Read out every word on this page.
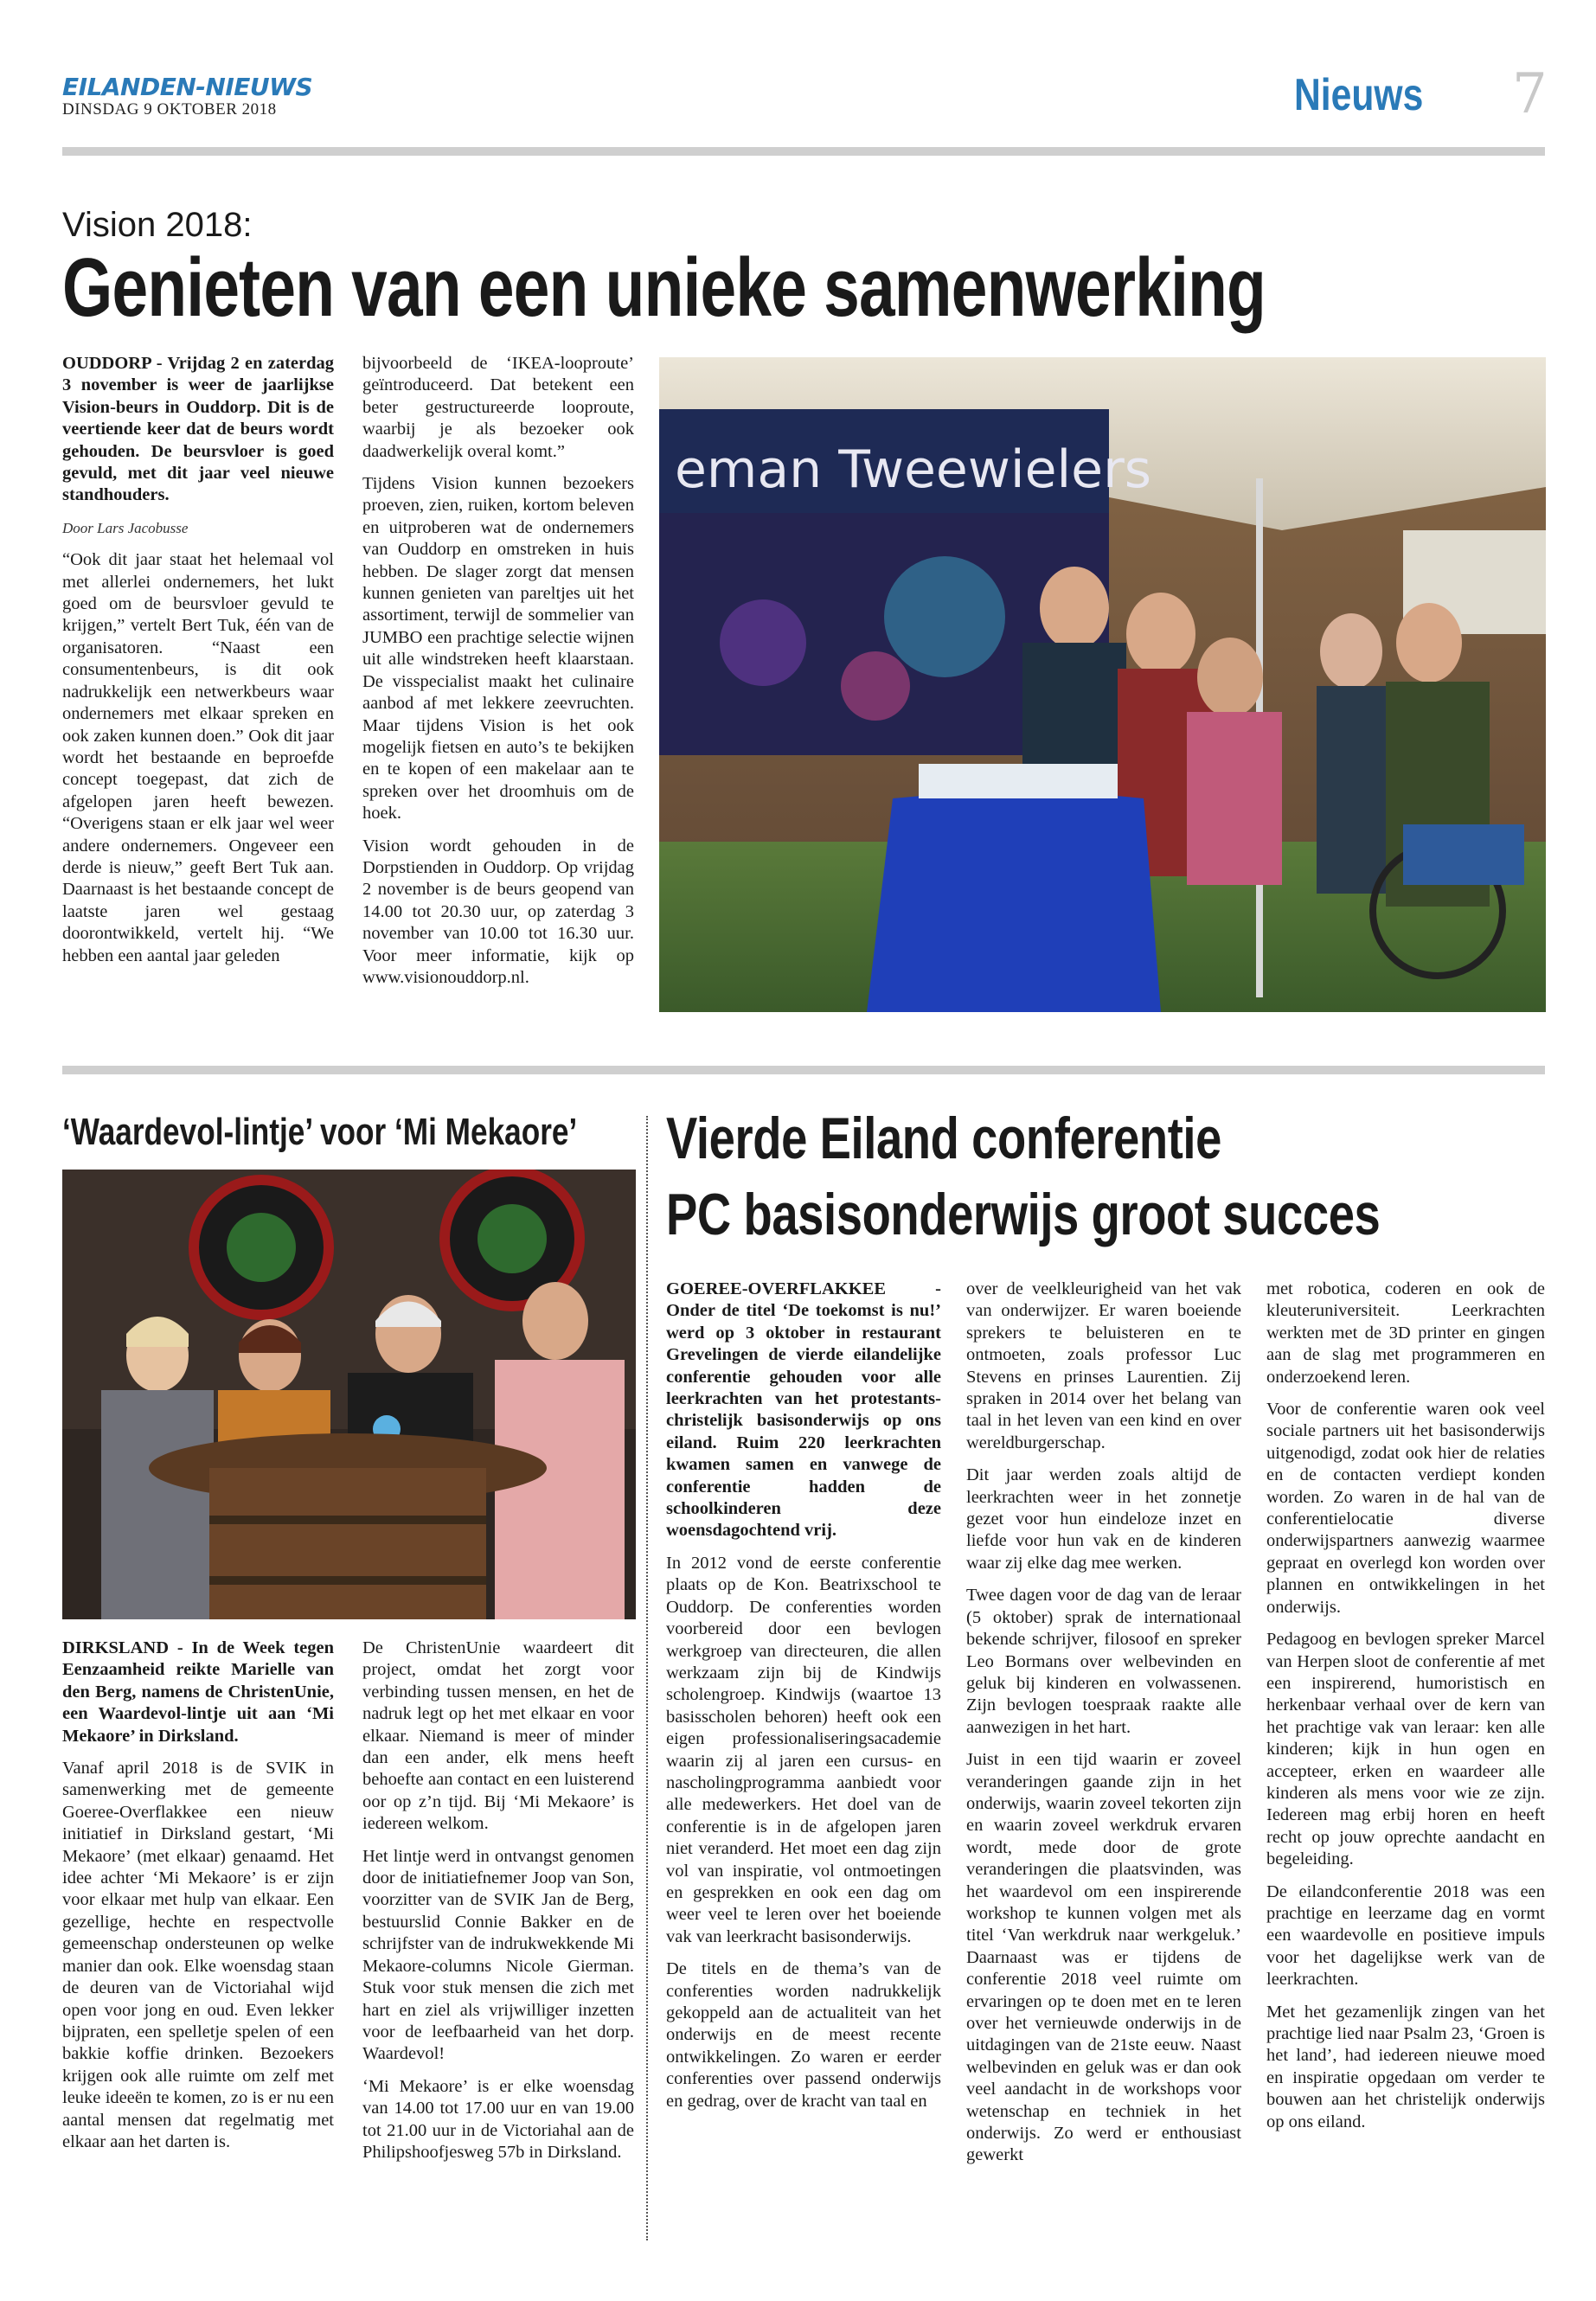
EILANDEN-NIEUWS
DINSDAG 9 OKTOBER 2018	Nieuws 7
Vision 2018:
Genieten van een unieke samenwerking

OUDDORP - Vrijdag 2 en zaterdag 3 november is weer de jaarlijkse Vision-beurs in Ouddorp. Dit is de veertiende keer dat de beurs wordt gehouden. De beursvloer is goed gevuld, met dit jaar veel nieuwe standhouders.

Door Lars Jacobusse

“Ook dit jaar staat het helemaal vol met allerlei ondernemers, het lukt goed om de beursvloer gevuld te krijgen,” vertelt Bert Tuk, één van de organisatoren. “Naast een consumentenbeurs, is dit ook nadrukkelijk een netwerkbeurs waar ondernemers met elkaar spreken en ook zaken kunnen doen.” Ook dit jaar wordt het bestaande en beproefde concept toegepast, dat zich de afgelopen jaren heeft bewezen. “Overigens staan er elk jaar wel weer andere ondernemers. Ongeveer een derde is nieuw,” geeft Bert Tuk aan. Daarnaast is het bestaande concept de laatste jaren wel gestaag doorontwikkeld, vertelt hij. “We hebben een aantal jaar geleden

bijvoorbeeld de ‘IKEA-looproute’ geïntroduceerd. Dat betekent een beter gestructureerde looproute, waarbij je als bezoeker ook daadwerkelijk overal komt.”

Tijdens Vision kunnen bezoekers proeven, zien, ruiken, kortom beleven en uitproberen wat de ondernemers van Ouddorp en omstreken in huis hebben. De slager zorgt dat mensen kunnen genieten van pareltjes uit het assortiment, terwijl de sommelier van JUMBO een prachtige selectie wijnen uit alle windstreken heeft klaarstaan. De visspecialist maakt het culinaire aanbod af met lekkere zeevruchten. Maar tijdens Vision is het ook mogelijk fietsen en auto’s te bekijken en te kopen of een makelaar aan te spreken over het droomhuis om de hoek.

Vision wordt gehouden in de Dorpstienden in Ouddorp. Op vrijdag 2 november is de beurs geopend van 14.00 tot 20.30 uur, op zaterdag 3 november van 10.00 tot 16.30 uur. Voor meer informatie, kijk op www.visionouddorp.nl.

eman Tweewielers
‘Waardevol-lintje’ voor ‘Mi Mekaore’

DIRKSLAND - In de Week tegen Eenzaamheid reikte Marielle van den Berg, namens de ChristenUnie, een Waardevol-lintje uit aan ‘Mi Mekaore’ in Dirksland.

Vanaf april 2018 is de SVIK in samenwerking met de gemeente Goeree-Overflakkee een nieuw initiatief in Dirksland gestart, ‘Mi Mekaore’ (met elkaar) genaamd. Het idee achter ‘Mi Mekaore’ is er zijn voor elkaar met hulp van elkaar. Een gezellige, hechte en respectvolle gemeenschap ondersteunen op welke manier dan ook. Elke woensdag staan de deuren van de Victoriahal wijd open voor jong en oud. Even lekker bijpraten, een spelletje spelen of een bakkie koffie drinken. Bezoekers krijgen ook alle ruimte om zelf met leuke ideeën te komen, zo is er nu een aantal mensen dat regelmatig met elkaar aan het darten is.

De ChristenUnie waardeert dit project, omdat het zorgt voor verbinding tussen mensen, en het de nadruk legt op het met elkaar en voor elkaar. Niemand is meer of minder dan een ander, elk mens heeft behoefte aan contact en een luisterend oor op z’n tijd. Bij ‘Mi Mekaore’ is iedereen welkom.

Het lintje werd in ontvangst genomen door de initiatiefnemer Joop van Son, voorzitter van de SVIK Jan de Berg, bestuurslid Connie Bakker en de schrijfster van de indrukwekkende Mi Mekaore-columns Nicole Gierman. Stuk voor stuk mensen die zich met hart en ziel als vrijwilliger inzetten voor de leefbaarheid van het dorp. Waardevol!

‘Mi Mekaore’ is er elke woensdag van 14.00 tot 17.00 uur en van 19.00 tot 21.00 uur in de Victoriahal aan de Philipshoofjesweg 57b in Dirksland.

Vierde Eiland conferentie
PC basisonderwijs groot succes

GOEREE-OVERFLAKKEE - Onder de titel ‘De toekomst is nu!’ werd op 3 oktober in restaurant Grevelingen de vierde eilandelijke conferentie gehouden voor alle leerkrachten van het protestants-christelijk basisonderwijs op ons eiland. Ruim 220 leerkrachten kwamen samen en vanwege de conferentie hadden de schoolkinderen deze woensdagochtend vrij.

In 2012 vond de eerste conferentie plaats op de Kon. Beatrixschool te Ouddorp. De conferenties worden voorbereid door een bevlogen werkgroep van directeuren, die allen werkzaam zijn bij de Kindwijs scholengroep. Kindwijs (waartoe 13 basisscholen behoren) heeft ook een eigen professionaliseringsacademie waarin zij al jaren een cursus- en nascholingprogramma aanbiedt voor alle medewerkers. Het doel van de conferentie is in de afgelopen jaren niet veranderd. Het moet een dag zijn vol van inspiratie, vol ontmoetingen en gesprekken en ook een dag om weer veel te leren over het boeiende vak van leerkracht basisonderwijs.

De titels en de thema’s van de conferenties worden nadrukkelijk gekoppeld aan de actualiteit van het onderwijs en de meest recente ontwikkelingen. Zo waren er eerder conferenties over passend onderwijs en gedrag, over de kracht van taal en

over de veelkleurigheid van het vak van onderwijzer. Er waren boeiende sprekers te beluisteren en te ontmoeten, zoals professor Luc Stevens en prinses Laurentien. Zij spraken in 2014 over het belang van taal in het leven van een kind en over wereldburgerschap.

Dit jaar werden zoals altijd de leerkrachten weer in het zonnetje gezet voor hun eindeloze inzet en liefde voor hun vak en de kinderen waar zij elke dag mee werken.

Twee dagen voor de dag van de leraar (5 oktober) sprak de internationaal bekende schrijver, filosoof en spreker Leo Bormans over welbevinden en geluk bij kinderen en volwassenen. Zijn bevlogen toespraak raakte alle aanwezigen in het hart.

Juist in een tijd waarin er zoveel veranderingen gaande zijn in het onderwijs, waarin zoveel tekorten zijn en waarin zoveel werkdruk ervaren wordt, mede door de grote veranderingen die plaatsvinden, was het waardevol om een inspirerende workshop te kunnen volgen met als titel ‘Van werkdruk naar werkgeluk.’ Daarnaast was er tijdens de conferentie 2018 veel ruimte om ervaringen op te doen met en te leren over het vernieuwde onderwijs in de uitdagingen van de 21ste eeuw. Naast welbevinden en geluk was er dan ook veel aandacht in de workshops voor wetenschap en techniek in het onderwijs. Zo werd er enthousiast gewerkt

met robotica, coderen en ook de kleuteruniversiteit. Leerkrachten werkten met de 3D printer en gingen aan de slag met programmeren en onderzoekend leren.

Voor de conferentie waren ook veel sociale partners uit het basisonderwijs uitgenodigd, zodat ook hier de relaties en de contacten verdiept konden worden. Zo waren in de hal van de conferentielocatie diverse onderwijspartners aanwezig waarmee gepraat en overlegd kon worden over plannen en ontwikkelingen in het onderwijs.

Pedagoog en bevlogen spreker Marcel van Herpen sloot de conferentie af met een inspirerend, humoristisch en herkenbaar verhaal over de kern van het prachtige vak van leraar: ken alle kinderen; kijk in hun ogen en accepteer, erken en waardeer alle kinderen als mens voor wie ze zijn. Iedereen mag erbij horen en heeft recht op jouw oprechte aandacht en begeleiding.

De eilandconferentie 2018 was een prachtige en leerzame dag en vormt een waardevolle en positieve impuls voor het dagelijkse werk van de leerkrachten.

Met het gezamenlijk zingen van het prachtige lied naar Psalm 23, ‘Groen is het land’, had iedereen nieuwe moed en inspiratie opgedaan om verder te bouwen aan het christelijk onderwijs op ons eiland.
